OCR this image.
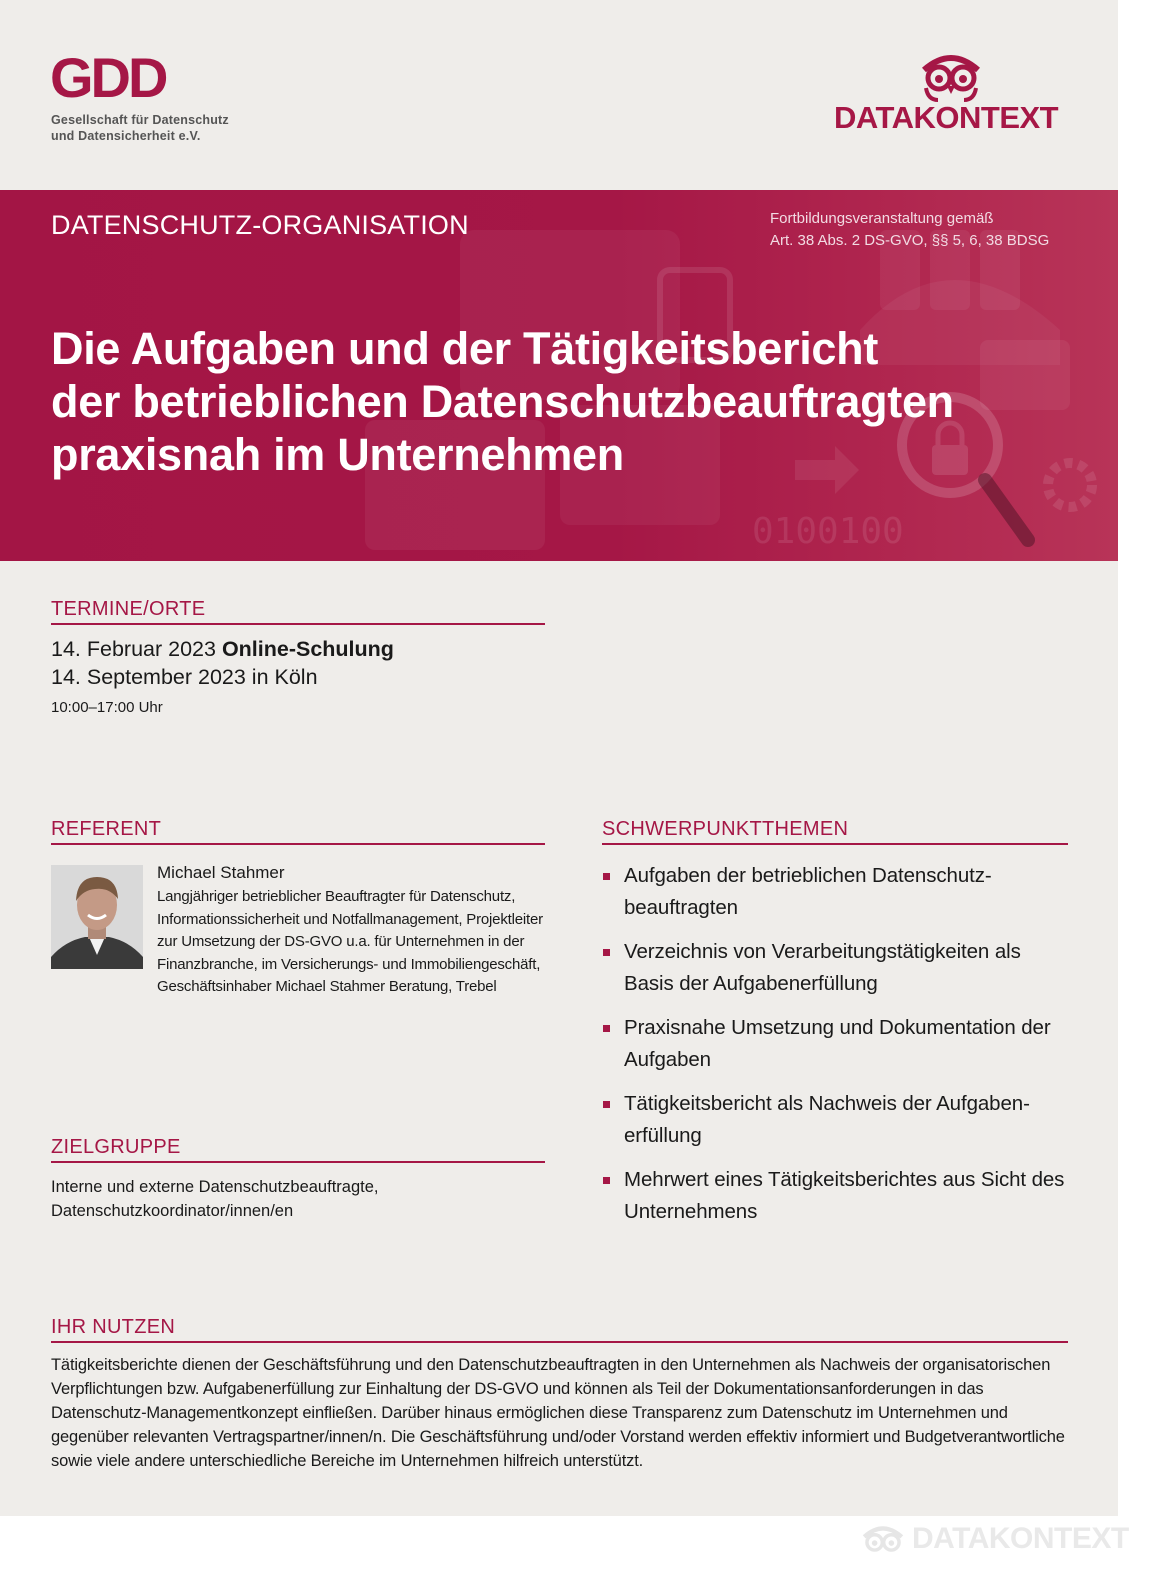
GDD
Gesellschaft für Datenschutz
und Datensicherheit e.V.
DATAKONTEXT
0100100
DATENSCHUTZ-ORGANISATION	Fortbildungsveranstaltung gemäß
Art. 38 Abs. 2 DS-GVO, §§ 5, 6, 38 BDSG
Die Aufgaben und der Tätigkeitsbericht
der betrieblichen Datenschutzbeauftragten
praxisnah im Unternehmen
TERMINE/ORTE
14. Februar 2023 Online-Schulung
14. September 2023 in Köln
10:00–17:00 Uhr
REFERENT
Michael Stahmer
Langjähriger betrieblicher Beauftragter für Datenschutz, Informationssicherheit und Notfallmanagement, Projektleiter zur Umsetzung der DS-GVO u.a. für Unternehmen in der Finanzbranche, im Versicherungs- und Immobiliengeschäft, Geschäftsinhaber Michael Stahmer Beratung, Trebel
ZIELGRUPPE
Interne und externe Datenschutzbeauftragte, Datenschutzkoordinator/innen/en
SCHWERPUNKTTHEMEN
Aufgaben der betrieblichen Datenschutzbeauftragten
Verzeichnis von Verarbeitungstätigkeiten als Basis der Aufgabenerfüllung
Praxisnahe Umsetzung und Dokumentation der Aufgaben
Tätigkeitsbericht als Nachweis der Aufgabenerfüllung
Mehrwert eines Tätigkeitsberichtes aus Sicht des Unternehmens
IHR NUTZEN
Tätigkeitsberichte dienen der Geschäftsführung und den Datenschutzbeauftragten in den Unternehmen als Nachweis der organisatorischen Verpflichtungen bzw. Aufgabenerfüllung zur Einhaltung der DS-GVO und können als Teil der Dokumentationsanforderungen in das Datenschutz-Managementkonzept einfließen. Darüber hinaus ermöglichen diese Transparenz zum Datenschutz im Unternehmen und gegenüber relevanten Vertragspartner/innen/n. Die Geschäftsführung und/oder Vorstand werden effektiv informiert und Budgetverantwortliche sowie viele andere unterschiedliche Bereiche im Unternehmen hilfreich unterstützt.
DATAKONTEXT
